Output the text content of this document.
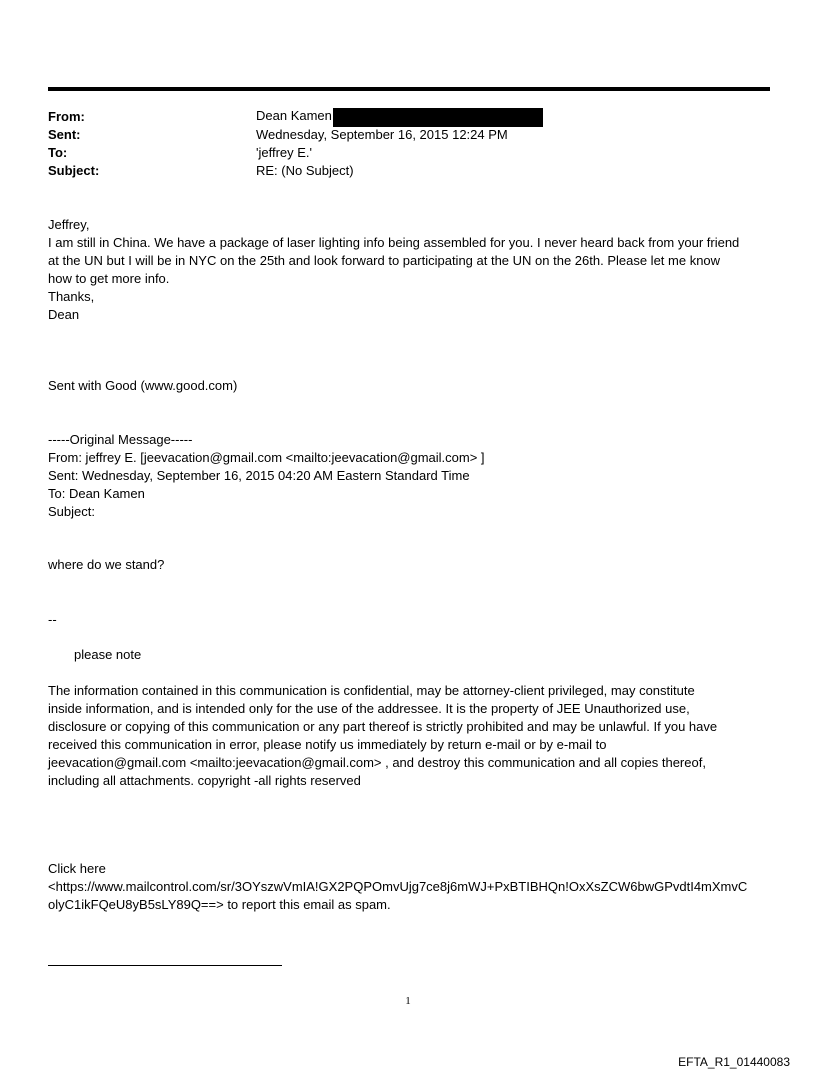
From:	Dean Kamen
Sent:	Wednesday, September 16, 2015 12:24 PM
To:	'jeffrey E.'
Subject:	RE: (No Subject)
Jeffrey,
I am still in China. We have a package of laser lighting info being assembled for you. I never heard back from your friend
at the UN but I will be in NYC on the 25th and look forward to participating at the UN on the 26th. Please let me know
how to get more info.
Thanks,
Dean
Sent with Good (www.good.com)
-----Original Message-----
From: jeffrey E. [jeevacation@gmail.com <mailto:jeevacation@gmail.com> ]
Sent: Wednesday, September 16, 2015 04:20 AM Eastern Standard Time
To: Dean Kamen
Subject:
where do we stand?
--
please note
The information contained in this communication is confidential, may be attorney-client privileged, may constitute
inside information, and is intended only for the use of the addressee. It is the property of JEE Unauthorized use,
disclosure or copying of this communication or any part thereof is strictly prohibited and may be unlawful. If you have
received this communication in error, please notify us immediately by return e-mail or by e-mail to
jeevacation@gmail.com <mailto:jeevacation@gmail.com> , and destroy this communication and all copies thereof,
including all attachments. copyright -all rights reserved
Click here
<https://www.mailcontrol.com/sr/3OYszwVmIA!GX2PQPOmvUjg7ce8j6mWJ+PxBTIBHQn!OxXsZCW6bwGPvdtI4mXmvC
olyC1ikFQeU8yB5sLY89Q==> to report this email as spam.
1
EFTA_R1_01440083
